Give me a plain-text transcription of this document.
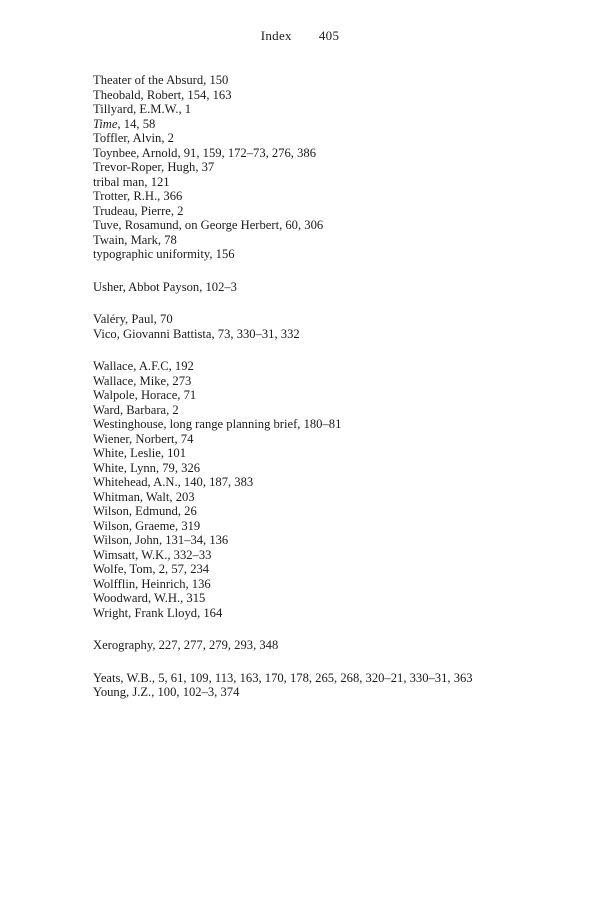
Index 405
Theater of the Absurd, 150
Theobald, Robert, 154, 163
Tillyard, E.M.W., 1
Time, 14, 58
Toffler, Alvin, 2
Toynbee, Arnold, 91, 159, 172–73, 276, 386
Trevor-Roper, Hugh, 37
tribal man, 121
Trotter, R.H., 366
Trudeau, Pierre, 2
Tuve, Rosamund, on George Herbert, 60, 306
Twain, Mark, 78
typographic uniformity, 156
Usher, Abbot Payson, 102–3
Valéry, Paul, 70
Vico, Giovanni Battista, 73, 330–31, 332
Wallace, A.F.C, 192
Wallace, Mike, 273
Walpole, Horace, 71
Ward, Barbara, 2
Westinghouse, long range planning brief, 180–81
Wiener, Norbert, 74
White, Leslie, 101
White, Lynn, 79, 326
Whitehead, A.N., 140, 187, 383
Whitman, Walt, 203
Wilson, Edmund, 26
Wilson, Graeme, 319
Wilson, John, 131–34, 136
Wimsatt, W.K., 332–33
Wolfe, Tom, 2, 57, 234
Wolfflin, Heinrich, 136
Woodward, W.H., 315
Wright, Frank Lloyd, 164
Xerography, 227, 277, 279, 293, 348
Yeats, W.B., 5, 61, 109, 113, 163, 170, 178, 265, 268, 320–21, 330–31, 363
Young, J.Z., 100, 102–3, 374
